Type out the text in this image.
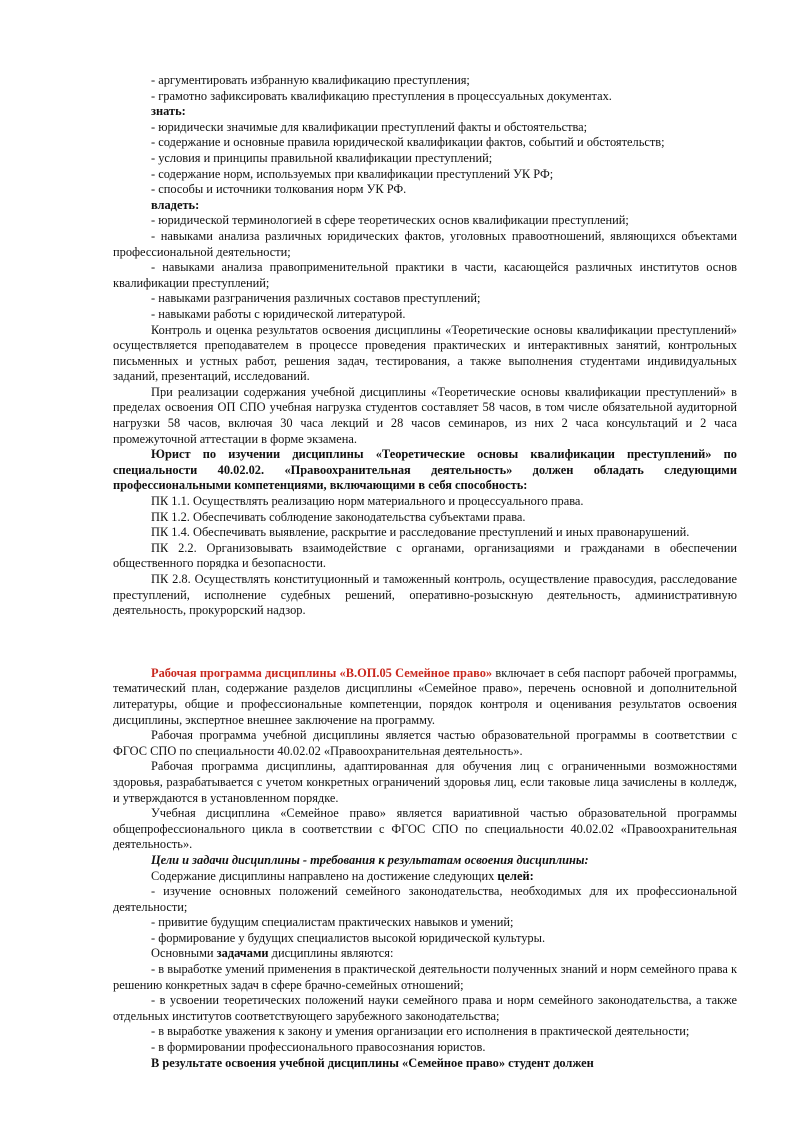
- аргументировать избранную квалификацию преступления;

- грамотно зафиксировать квалификацию преступления в процессуальных документах.

знать:

- юридически значимые для квалификации преступлений факты и обстоятельства;

- содержание и основные правила юридической квалификации фактов, событий и обстоятельств;

- условия и принципы правильной квалификации преступлений;

- содержание норм, используемых при квалификации преступлений УК РФ;

- способы и источники толкования норм УК РФ.

владеть:

- юридической терминологией в сфере теоретических основ квалификации преступлений;

- навыками анализа различных юридических фактов, уголовных правоотношений, являющихся объектами профессиональной деятельности;

- навыками анализа правоприменительной практики в части, касающейся различных институтов основ квалификации преступлений;

- навыками разграничения различных составов преступлений;

- навыками работы с юридической литературой.

Контроль и оценка результатов освоения дисциплины «Теоретические основы квалификации преступлений» осуществляется преподавателем в процессе проведения практических и интерактивных занятий, контрольных письменных и устных работ, решения задач, тестирования, а также выполнения студентами индивидуальных заданий, презентаций, исследований.

При реализации содержания учебной дисциплины «Теоретические основы квалификации преступлений» в пределах освоения ОП СПО учебная нагрузка студентов составляет 58 часов, в том числе обязательной аудиторной нагрузки 58 часов, включая 30 часа лекций и 28 часов семинаров, из них 2 часа консультаций и 2 часа промежуточной аттестации в форме экзамена.

Юрист по изучении дисциплины «Теоретические основы квалификации преступлений» по специальности 40.02.02. «Правоохранительная деятельность» должен обладать следующими профессиональными компетенциями, включающими в себя способность:

ПК 1.1. Осуществлять реализацию норм материального и процессуального права.

ПК 1.2. Обеспечивать соблюдение законодательства субъектами права.

ПК 1.4. Обеспечивать выявление, раскрытие и расследование преступлений и иных правонарушений.

ПК 2.2. Организовывать взаимодействие с органами, организациями и гражданами в обеспечении общественного порядка и безопасности.

ПК 2.8. Осуществлять конституционный и таможенный контроль, осуществление правосудия, расследование преступлений, исполнение судебных решений, оперативно-розыскную деятельность, административную деятельность, прокурорский надзор.

Рабочая программа дисциплины «В.ОП.05 Семейное право» включает в себя паспорт рабочей программы, тематический план, содержание разделов дисциплины «Семейное право», перечень основной и дополнительной литературы, общие и профессиональные компетенции, порядок контроля и оценивания результатов освоения дисциплины, экспертное внешнее заключение на программу.

Рабочая программа учебной дисциплины является частью образовательной программы в соответствии с ФГОС СПО по специальности 40.02.02 «Правоохранительная деятельность».

Рабочая программа дисциплины, адаптированная для обучения лиц с ограниченными возможностями здоровья, разрабатывается с учетом конкретных ограничений здоровья лиц, если таковые лица зачислены в колледж, и утверждаются в установленном порядке.

Учебная дисциплина «Семейное право» является вариативной частью образовательной программы общепрофессионального цикла в соответствии с ФГОС СПО по специальности 40.02.02 «Правоохранительная деятельность».

Цели и задачи дисциплины - требования к результатам освоения дисциплины:

Содержание дисциплины направлено на достижение следующих целей:

- изучение основных положений семейного законодательства, необходимых для их профессиональной деятельности;

- привитие будущим специалистам практических навыков и умений;

- формирование у будущих специалистов высокой юридической культуры.

Основными задачами дисциплины являются:

- в выработке умений применения в практической деятельности полученных знаний и норм семейного права к решению конкретных задач в сфере брачно-семейных отношений;

- в усвоении теоретических положений науки семейного права и норм семейного законодательства, а также отдельных институтов соответствующего зарубежного законодательства;

- в выработке уважения к закону и умения организации его исполнения в практической деятельности;

- в формировании профессионального правосознания юристов.

В результате освоения учебной дисциплины «Семейное право» студент должен
